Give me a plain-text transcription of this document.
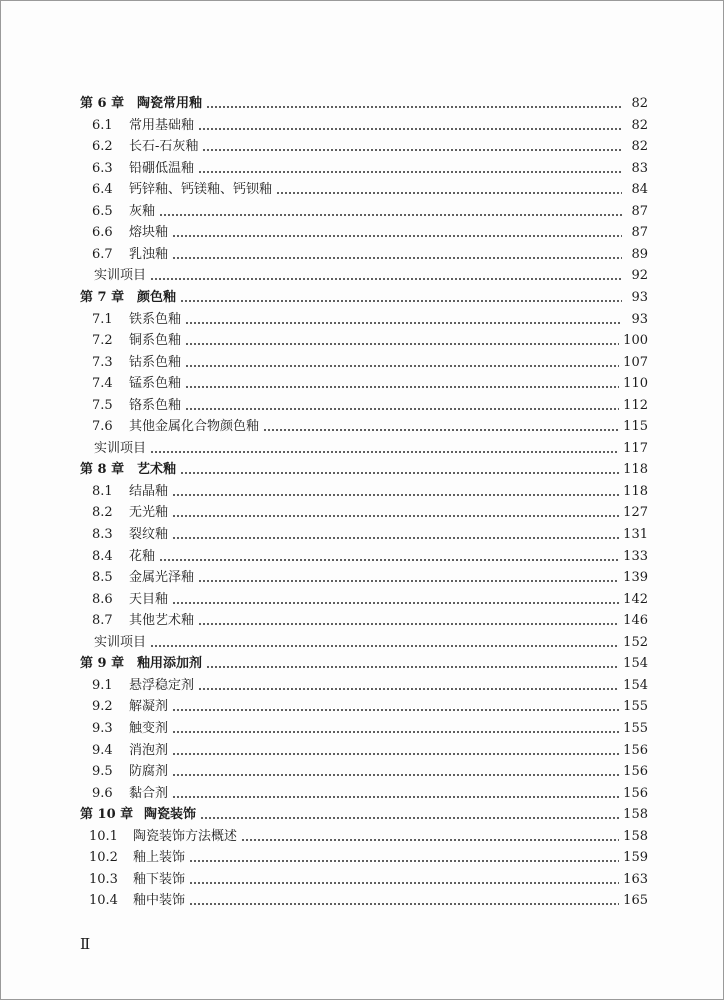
第 6 章 陶瓷常用釉	82
6.1	常用基础釉	82
6.2	长石-石灰釉	82
6.3	铅硼低温釉	83
6.4	钙锌釉、钙镁釉、钙钡釉	84
6.5	灰釉	87
6.6	熔块釉	87
6.7	乳浊釉	89
实训项目	92
第 7 章 颜色釉	93
7.1	铁系色釉	93
7.2	铜系色釉	100
7.3	钴系色釉	107
7.4	锰系色釉	110
7.5	铬系色釉	112
7.6	其他金属化合物颜色釉	115
实训项目	117
第 8 章 艺术釉	118
8.1	结晶釉	118
8.2	无光釉	127
8.3	裂纹釉	131
8.4	花釉	133
8.5	金属光泽釉	139
8.6	天目釉	142
8.7	其他艺术釉	146
实训项目	152
第 9 章 釉用添加剂	154
9.1	悬浮稳定剂	154
9.2	解凝剂	155
9.3	触变剂	155
9.4	消泡剂	156
9.5	防腐剂	156
9.6	黏合剂	156
第 10 章 陶瓷装饰	158
10.1	陶瓷装饰方法概述	158
10.2	釉上装饰	159
10.3	釉下装饰	163
10.4	釉中装饰	165
Ⅱ
